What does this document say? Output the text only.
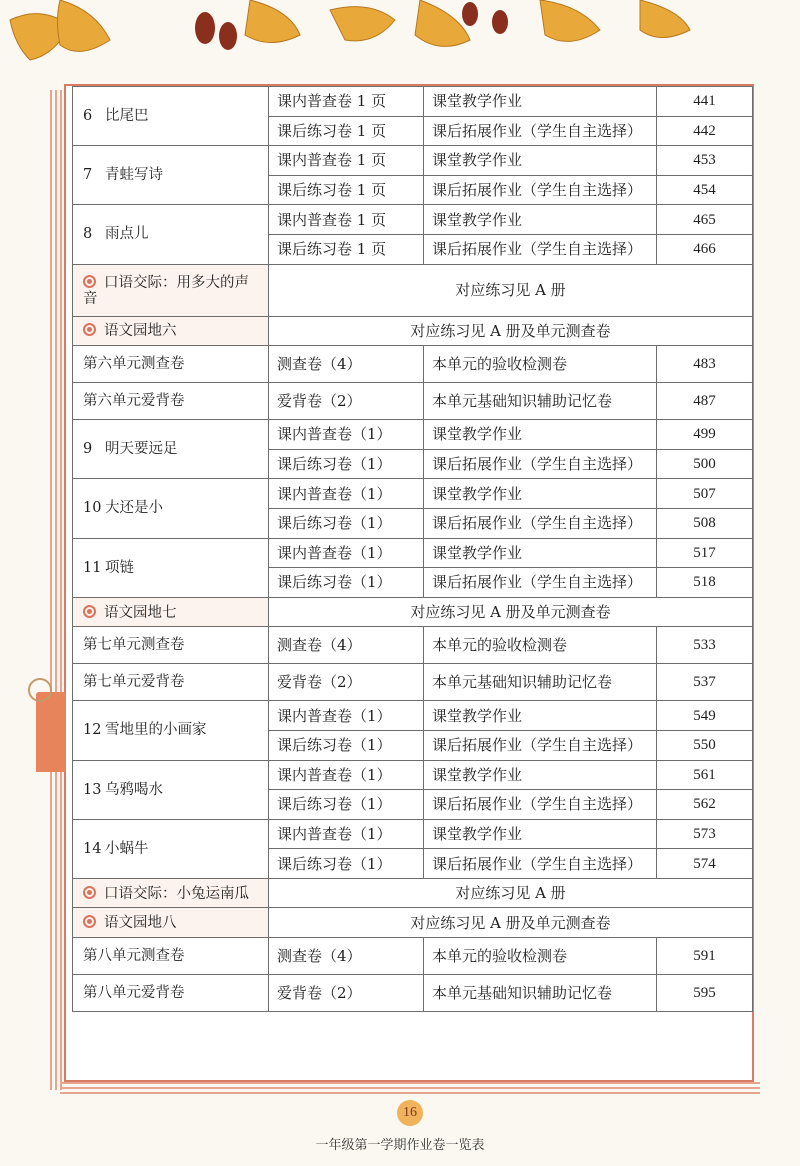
6 比尾巴	课内普查卷 1 页	课堂教学作业	441
	课后练习卷 1 页	课后拓展作业（学生自主选择）	442
7 青蛙写诗	课内普查卷 1 页	课堂教学作业	453
	课后练习卷 1 页	课后拓展作业（学生自主选择）	454
8 雨点儿	课内普查卷 1 页	课堂教学作业	465
	课后练习卷 1 页	课后拓展作业（学生自主选择）	466
口语交际：用多大的声音	对应练习见 A 册		
语文园地六	对应练习见 A 册及单元测查卷		
第六单元测查卷	测查卷（4）	本单元的验收检测卷	483
第六单元爱背卷	爱背卷（2）	本单元基础知识辅助记忆卷	487
9 明天要远足	课内普查卷（1）	课堂教学作业	499
	课后练习卷（1）	课后拓展作业（学生自主选择）	500
10 大还是小	课内普查卷（1）	课堂教学作业	507
	课后练习卷（1）	课后拓展作业（学生自主选择）	508
11 项链	课内普查卷（1）	课堂教学作业	517
	课后练习卷（1）	课后拓展作业（学生自主选择）	518
语文园地七	对应练习见 A 册及单元测查卷		
第七单元测查卷	测查卷（4）	本单元的验收检测卷	533
第七单元爱背卷	爱背卷（2）	本单元基础知识辅助记忆卷	537
12 雪地里的小画家	课内普查卷（1）	课堂教学作业	549
	课后练习卷（1）	课后拓展作业（学生自主选择）	550
13 乌鸦喝水	课内普查卷（1）	课堂教学作业	561
	课后练习卷（1）	课后拓展作业（学生自主选择）	562
14 小蜗牛	课内普查卷（1）	课堂教学作业	573
	课后练习卷（1）	课后拓展作业（学生自主选择）	574
口语交际：小兔运南瓜	对应练习见 A 册		
语文园地八	对应练习见 A 册及单元测查卷		
第八单元测查卷	测查卷（4）	本单元的验收检测卷	591
第八单元爱背卷	爱背卷（2）	本单元基础知识辅助记忆卷	595
16
一年级第一学期作业卷一览表
